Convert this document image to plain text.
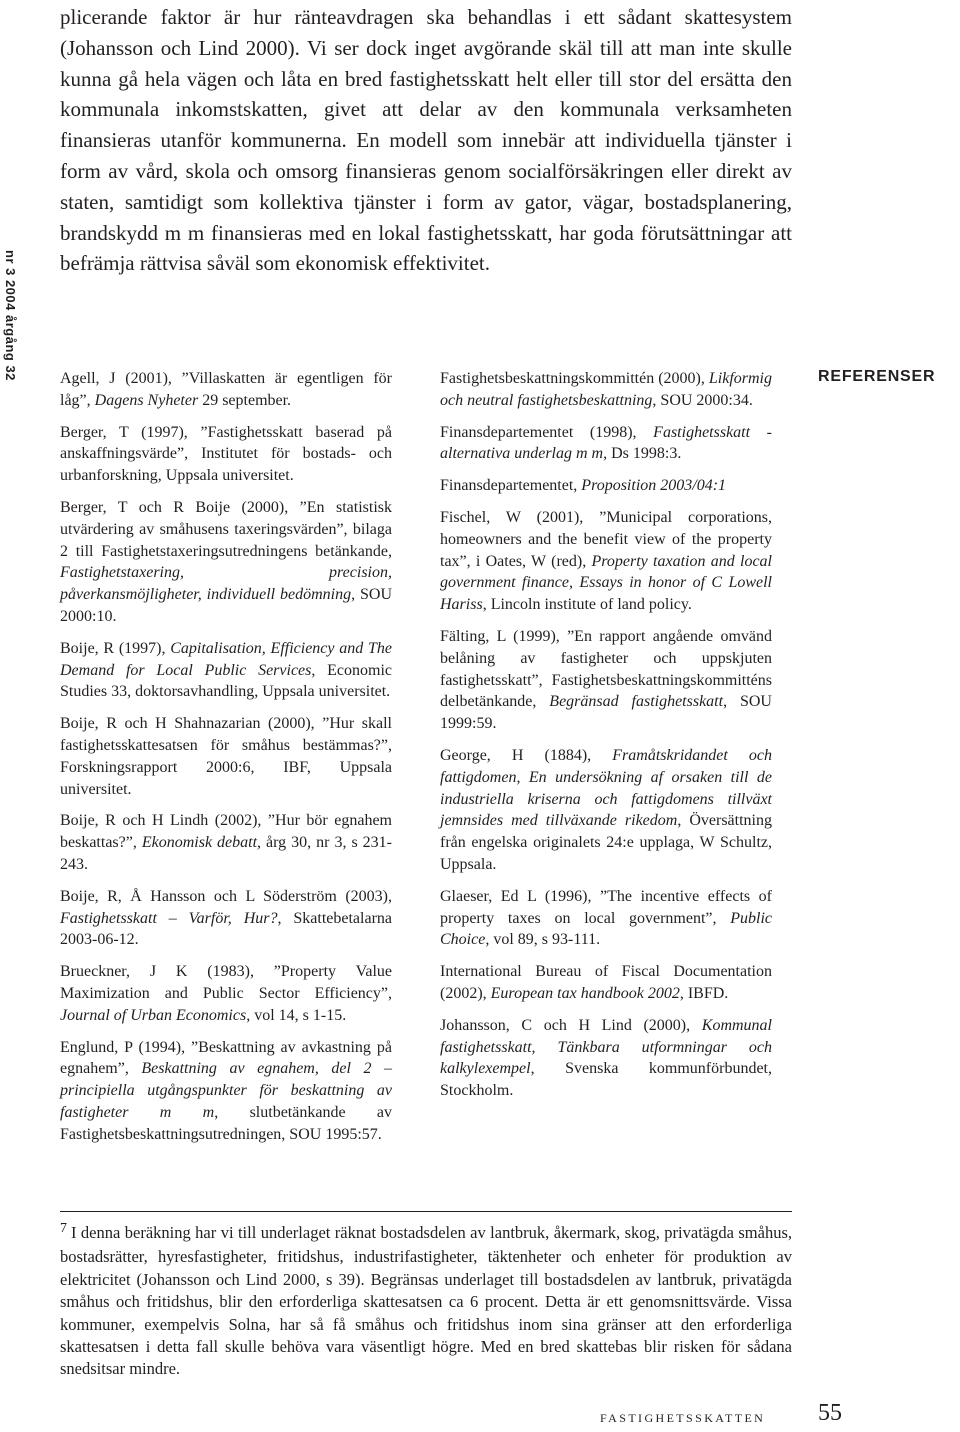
nr 3 2004 årgång 32

plicerande faktor är hur ränteavdragen ska behandlas i ett sådant skattesystem (Johansson och Lind 2000). Vi ser dock inget avgörande skäl till att man inte skulle kunna gå hela vägen och låta en bred fastighetsskatt helt eller till stor del ersätta den kommunala inkomstskatten, givet att delar av den kommunala verksamheten finansieras utanför kommunerna. En modell som innebär att individuella tjänster i form av vård, skola och omsorg finansieras genom socialförsäkringen eller direkt av staten, samtidigt som kollektiva tjänster i form av gator, vägar, bostadsplanering, brandskydd m m finansieras med en lokal fastighetsskatt, har goda förutsättningar att befrämja rättvisa såväl som ekonomisk effektivitet.

Agell, J (2001), ”Villaskatten är egentligen för låg”, Dagens Nyheter 29 september.

Berger, T (1997), ”Fastighetsskatt baserad på anskaffningsvärde”, Institutet för bostads- och urbanforskning, Uppsala universitet.

Berger, T och R Boije (2000), ”En statistisk utvärdering av småhusens taxeringsvärden”, bilaga 2 till Fastighetstaxeringsutredningens betänkande, Fastighetstaxering, precision, påverkansmöjligheter, individuell bedömning, SOU 2000:10.

Boije, R (1997), Capitalisation, Efficiency and The Demand for Local Public Services, Economic Studies 33, doktorsavhandling, Uppsala universitet.

Boije, R och H Shahnazarian (2000), ”Hur skall fastighetsskattesatsen för småhus bestämmas?”, Forskningsrapport 2000:6, IBF, Uppsala universitet.

Boije, R och H Lindh (2002), ”Hur bör egnahem beskattas?”, Ekonomisk debatt, årg 30, nr 3, s 231-243.

Boije, R, Å Hansson och L Söderström (2003), Fastighetsskatt – Varför, Hur?, Skattebetalarna 2003-06-12.

Brueckner, J K (1983), ”Property Value Maximization and Public Sector Efficiency”, Journal of Urban Economics, vol 14, s 1-15.

Englund, P (1994), ”Beskattning av avkastning på egnahem”, Beskattning av egnahem, del 2 – principiella utgångspunkter för beskattning av fastigheter m m, slutbetänkande av Fastighetsbeskattningsutredningen, SOU 1995:57.

Fastighetsbeskattningskommittén (2000), Likformig och neutral fastighetsbeskattning, SOU 2000:34.

Finansdepartementet (1998), Fastighetsskatt - alternativa underlag m m, Ds 1998:3.

Finansdepartementet, Proposition 2003/04:1

Fischel, W (2001), ”Municipal corporations, homeowners and the benefit view of the property tax”, i Oates, W (red), Property taxation and local government finance, Essays in honor of C Lowell Hariss, Lincoln institute of land policy.

Fälting, L (1999), ”En rapport angående omvänd belåning av fastigheter och uppskjuten fastighetsskatt”, Fastighetsbeskattningskommitténs delbetänkande, Begränsad fastighetsskatt, SOU 1999:59.

George, H (1884), Framåtskridandet och fattigdomen, En undersökning af orsaken till de industriella kriserna och fattigdomens tillväxt jemnsides med tillväxande rikedom, Översättning från engelska originalets 24:e upplaga, W Schultz, Uppsala.

Glaeser, Ed L (1996), ”The incentive effects of property taxes on local government”, Public Choice, vol 89, s 93-111.

International Bureau of Fiscal Documentation (2002), European tax handbook 2002, IBFD.

Johansson, C och H Lind (2000), Kommunal fastighetsskatt, Tänkbara utformningar och kalkylexempel, Svenska kommunförbundet, Stockholm.

REFERENSER

$^7$ I denna beräkning har vi till underlaget räknat bostadsdelen av lantbruk, åkermark, skog, privatägda småhus, bostadsrätter, hyresfastigheter, fritidshus, industrifastigheter, täktenheter och enheter för produktion av elektricitet (Johansson och Lind 2000, s 39). Begränsas underlaget till bostadsdelen av lantbruk, privatägda småhus och fritidshus, blir den erforderliga skattesatsen ca 6 procent. Detta är ett genomsnittsvärde. Vissa kommuner, exempelvis Solna, har så få småhus och fritidshus inom sina gränser att den erforderliga skattesatsen i detta fall skulle behöva vara väsentligt högre. Med en bred skattebas blir risken för sådana snedsitsar mindre.

FASTIGHETSSKATTEN 55
